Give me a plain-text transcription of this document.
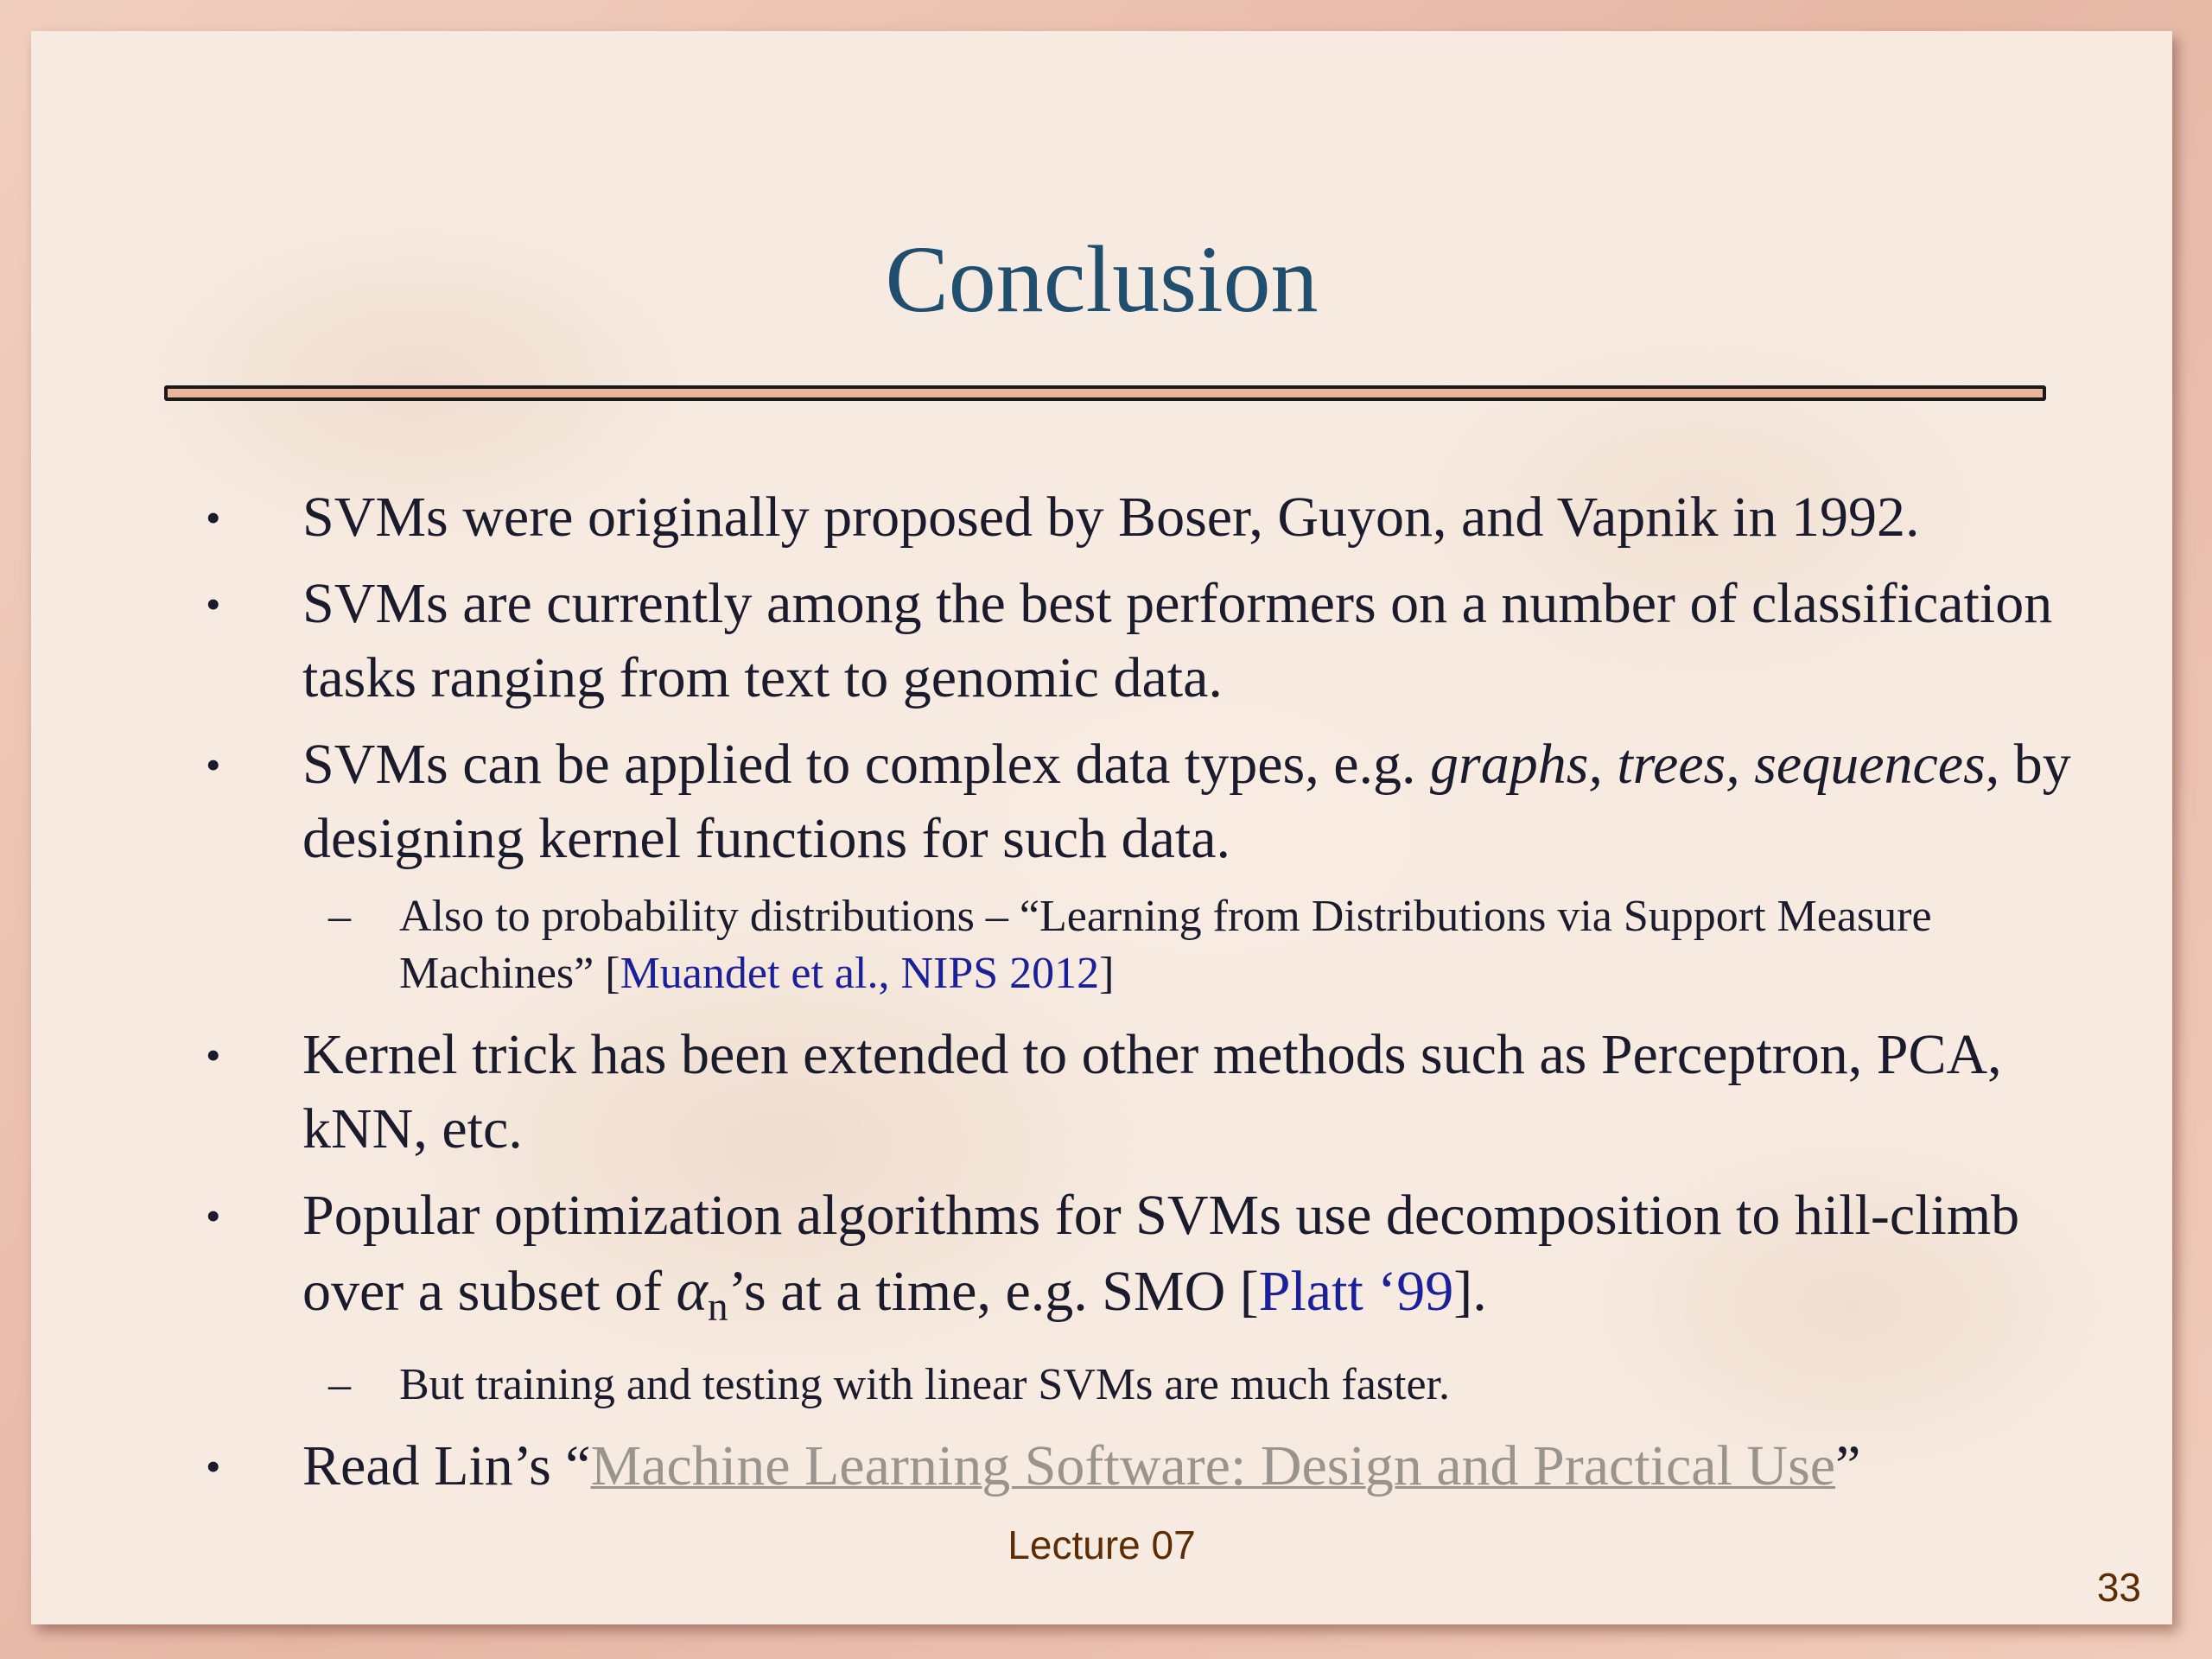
Conclusion
• SVMs were originally proposed by Boser, Guyon, and Vapnik in 1992.
• SVMs are currently among the best performers on a number of classification tasks ranging from text to genomic data.
• SVMs can be applied to complex data types, e.g. graphs, trees, sequences, by designing kernel functions for such data.
– Also to probability distributions – “Learning from Distributions via Support Measure Machines” [Muandet et al., NIPS 2012]
• Kernel trick has been extended to other methods such as Perceptron, PCA, kNN, etc.
• Popular optimization algorithms for SVMs use decomposition to hill-climb over a subset of $\alpha_n’s$ at a time, e.g. SMO [Platt ‘99].
– But training and testing with linear SVMs are much faster.
• Read Lin’s “Machine Learning Software: Design and Practical Use”
Lecture 07
33
